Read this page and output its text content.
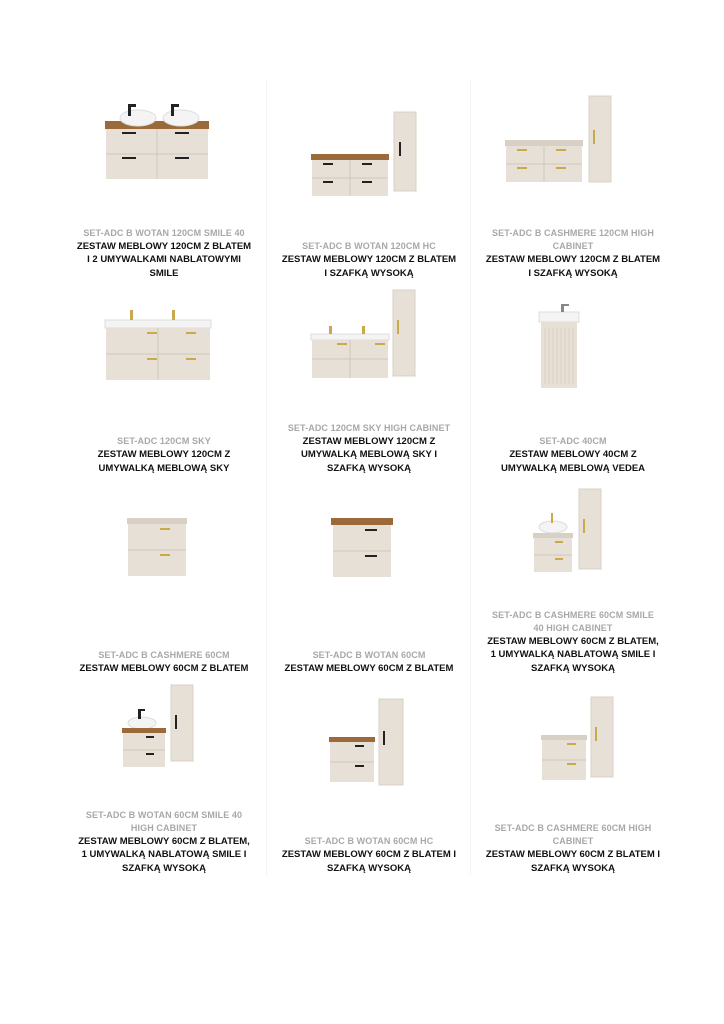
SET-ADC B WOTAN 120CM SMILE 40
ZESTAW MEBLOWY 120CM Z BLATEM I 2 UMYWALKAMI NABLATOWYMI SMILE
SET-ADC B WOTAN 120CM HC
ZESTAW MEBLOWY 120CM Z BLATEM I SZAFKĄ WYSOKĄ
SET-ADC B CASHMERE 120CM HIGH CABINET
ZESTAW MEBLOWY 120CM Z BLATEM I SZAFKĄ WYSOKĄ
SET-ADC 120CM SKY
ZESTAW MEBLOWY 120CM Z UMYWALKĄ MEBLOWĄ SKY
SET-ADC 120CM SKY HIGH CABINET
ZESTAW MEBLOWY 120CM Z UMYWALKĄ MEBLOWĄ SKY I SZAFKĄ WYSOKĄ
SET-ADC 40CM
ZESTAW MEBLOWY 40CM Z UMYWALKĄ MEBLOWĄ VEDEA
SET-ADC B CASHMERE 60CM
ZESTAW MEBLOWY 60CM Z BLATEM
SET-ADC B WOTAN 60CM
ZESTAW MEBLOWY 60CM Z BLATEM
SET-ADC B CASHMERE 60CM SMILE 40 HIGH CABINET
ZESTAW MEBLOWY 60CM Z BLATEM, 1 UMYWALKĄ NABLATOWĄ SMILE I SZAFKĄ WYSOKĄ
SET-ADC B WOTAN 60CM SMILE 40 HIGH CABINET
ZESTAW MEBLOWY 60CM Z BLATEM, 1 UMYWALKĄ NABLATOWĄ SMILE I SZAFKĄ WYSOKĄ
SET-ADC B WOTAN 60CM HC
ZESTAW MEBLOWY 60CM Z BLATEM I SZAFKĄ WYSOKĄ
SET-ADC B CASHMERE 60CM HIGH CABINET
ZESTAW MEBLOWY 60CM Z BLATEM I SZAFKĄ WYSOKĄ
